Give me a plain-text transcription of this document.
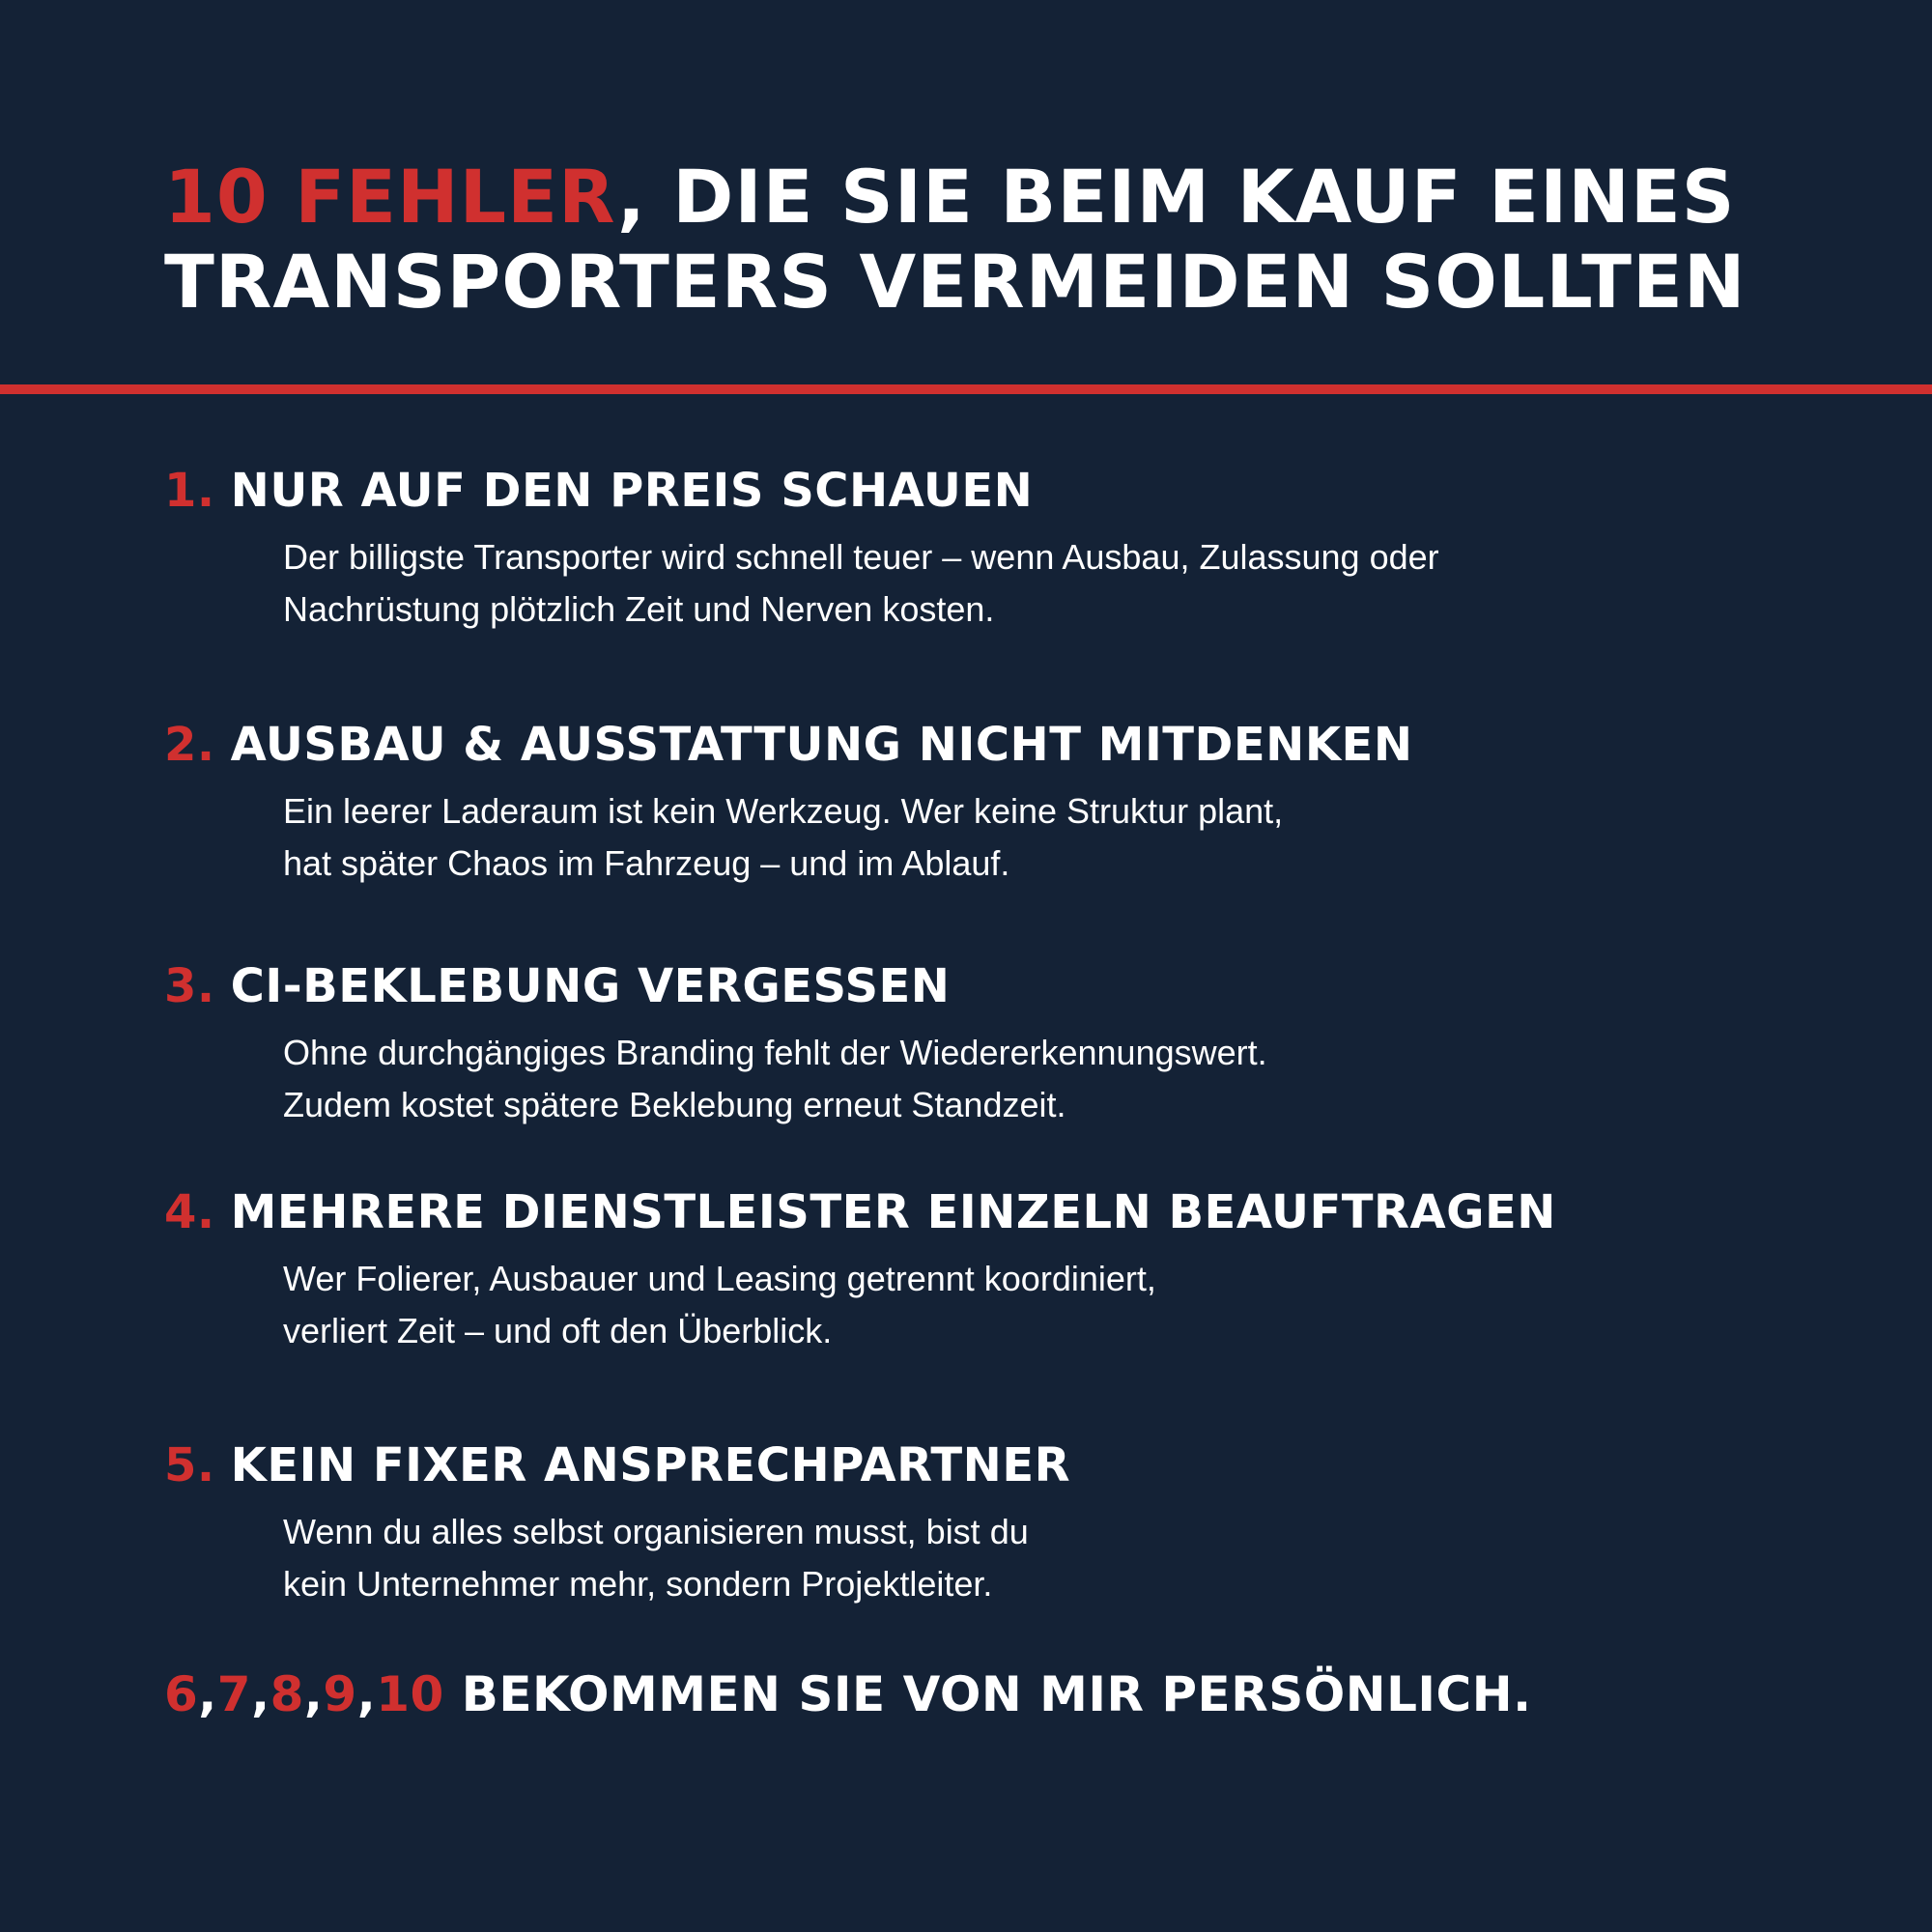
10 FEHLER, DIE SIE BEIM KAUF EINES
TRANSPORTERS VERMEIDEN SOLLTEN

1. NUR AUF DEN PREIS SCHAUEN

Der billigste Transporter wird schnell teuer – wenn Ausbau, Zulassung oder
Nachrüstung plötzlich Zeit und Nerven kosten.

2. AUSBAU & AUSSTATTUNG NICHT MITDENKEN

Ein leerer Laderaum ist kein Werkzeug. Wer keine Struktur plant,
hat später Chaos im Fahrzeug – und im Ablauf.

3. CI-BEKLEBUNG VERGESSEN

Ohne durchgängiges Branding fehlt der Wiedererkennungswert.
Zudem kostet spätere Beklebung erneut Standzeit.

4. MEHRERE DIENSTLEISTER EINZELN BEAUFTRAGEN

Wer Folierer, Ausbauer und Leasing getrennt koordiniert,
verliert Zeit – und oft den Überblick.

5. KEIN FIXER ANSPRECHPARTNER

Wenn du alles selbst organisieren musst, bist du
kein Unternehmer mehr, sondern Projektleiter.

6,7,8,9,10 BEKOMMEN SIE VON MIR PERSÖNLICH.
